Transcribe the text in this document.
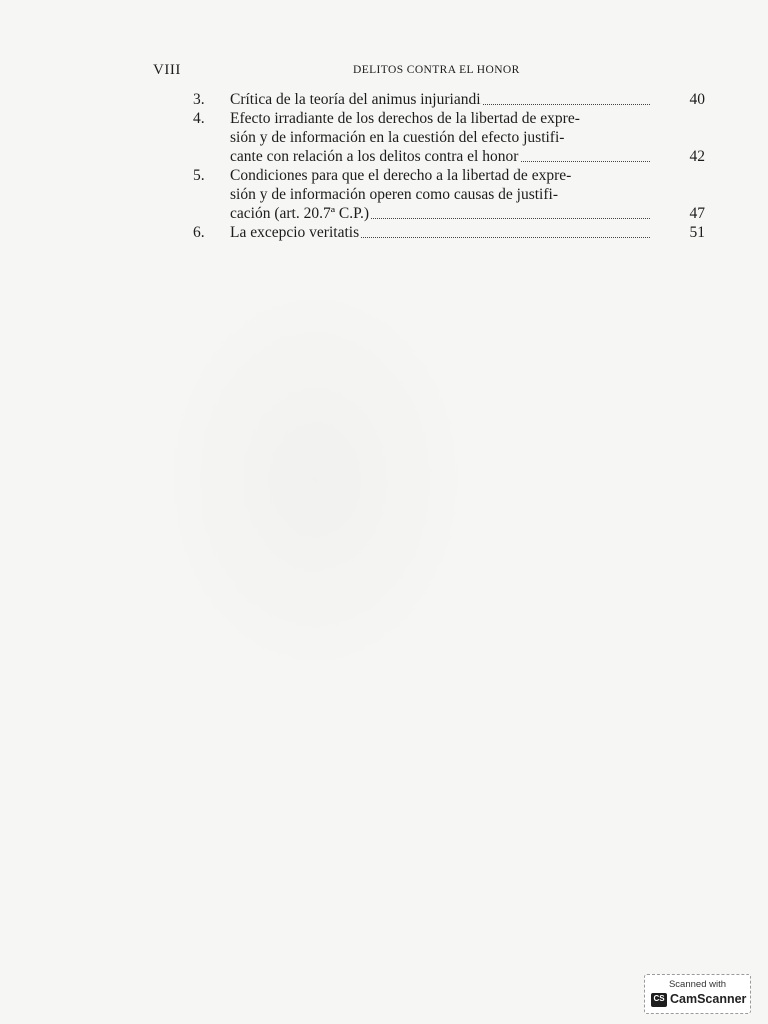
VIII	DELITOS CONTRA EL HONOR
3. Crítica de la teoría del animus injuriandi	40
4. Efecto irradiante de los derechos de la libertad de expre-
sión y de información en la cuestión del efecto justifi-
cante con relación a los delitos contra el honor	42
5. Condiciones para que el derecho a la libertad de expre-
sión y de información operen como causas de justifi-
cación (art. 20.7ª C.P.)	47
6. La excepcio veritatis	51
Scanned with
CS CamScanner
